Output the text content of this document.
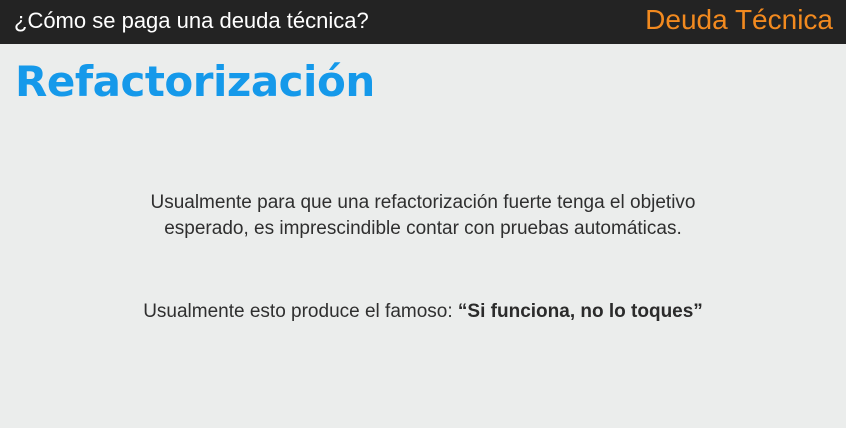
¿Cómo se paga una deuda técnica?	Deuda Técnica
Refactorización

Usualmente para que una refactorización fuerte tenga el objetivo
esperado, es imprescindible contar con pruebas automáticas.

Usualmente esto produce el famoso: “Si funciona, no lo toques”
